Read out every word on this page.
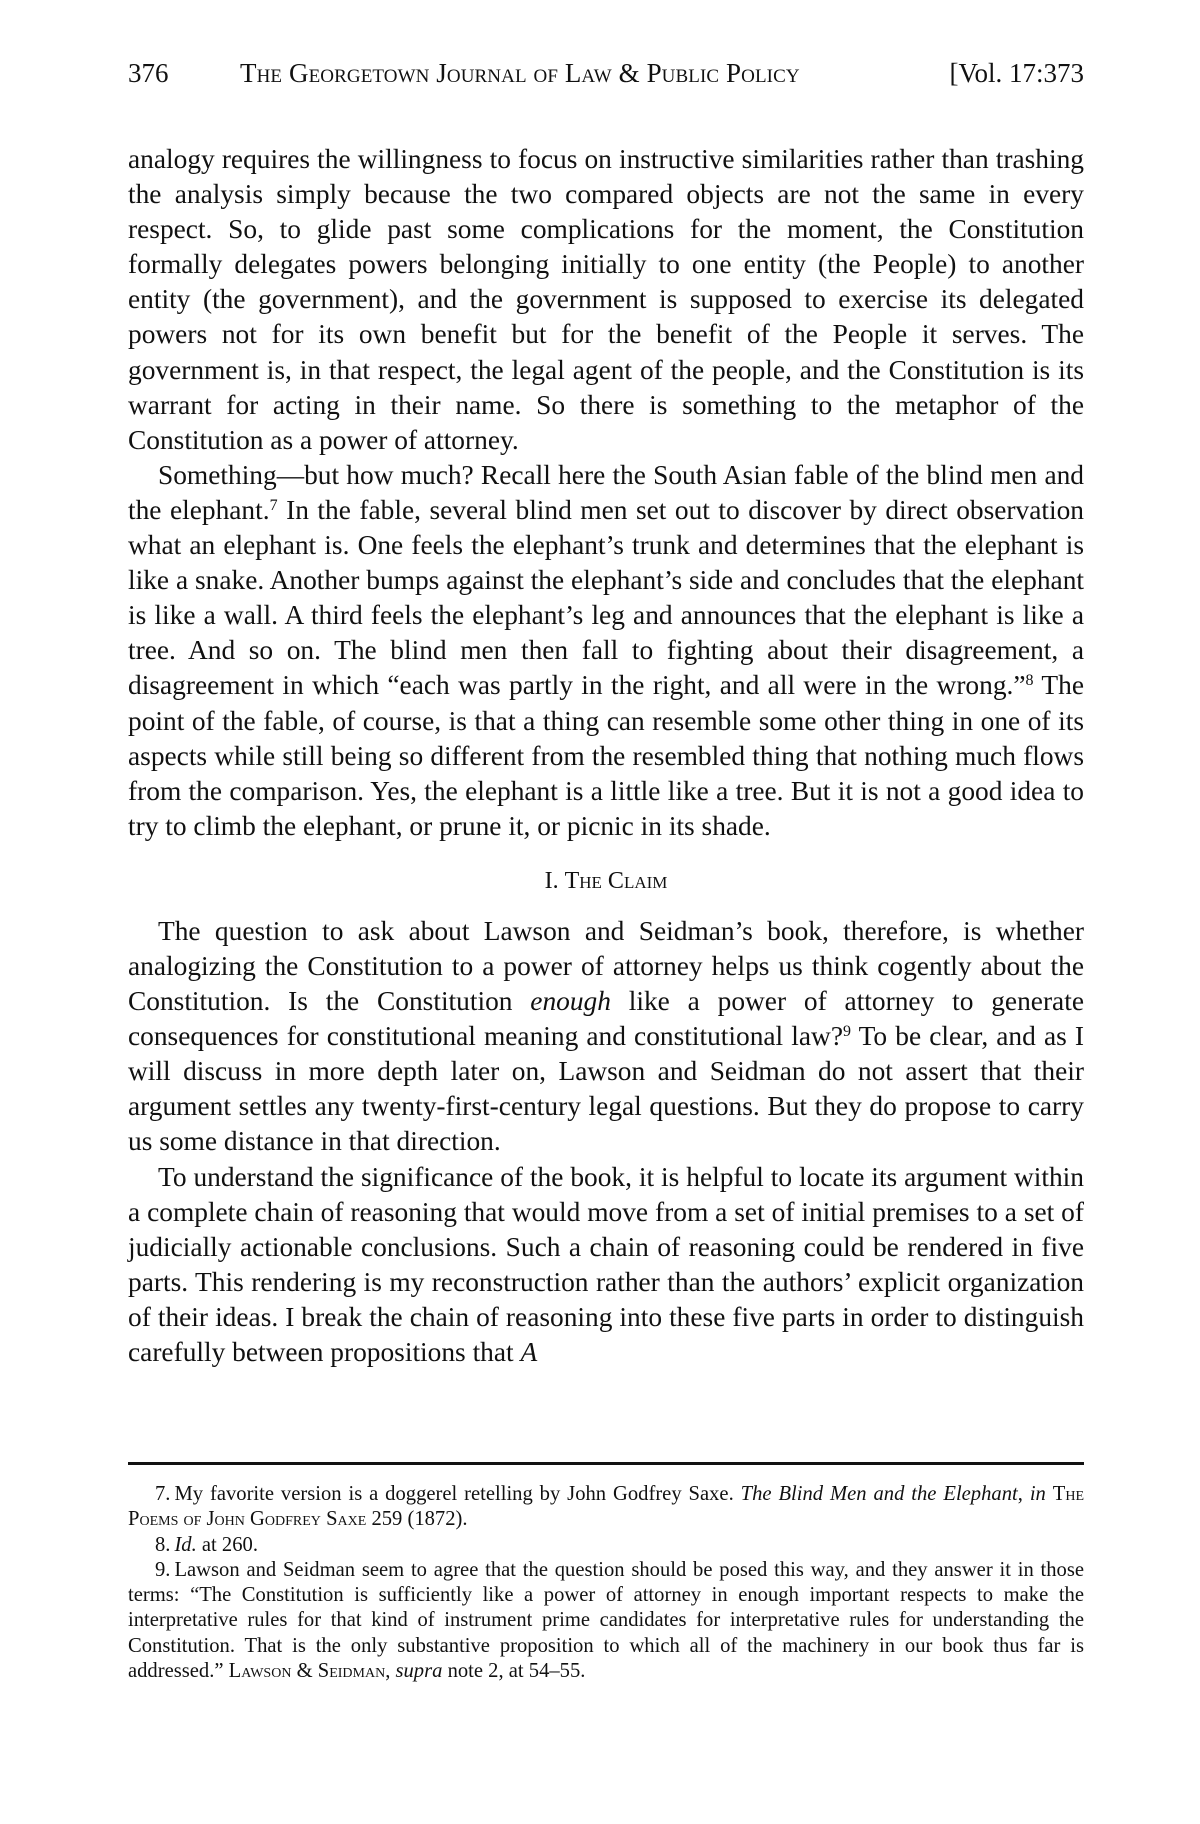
376	The Georgetown Journal of Law & Public Policy	[Vol. 17:373

analogy requires the willingness to focus on instructive similarities rather than trashing the analysis simply because the two compared objects are not the same in every respect. So, to glide past some complications for the moment, the Constitution formally delegates powers belonging initially to one entity (the People) to another entity (the government), and the government is supposed to exercise its delegated powers not for its own benefit but for the benefit of the People it serves. The government is, in that respect, the legal agent of the people, and the Constitution is its warrant for acting in their name. So there is something to the metaphor of the Constitution as a power of attorney.

Something—but how much? Recall here the South Asian fable of the blind men and the elephant.$^7$ In the fable, several blind men set out to discover by direct observation what an elephant is. One feels the elephant’s trunk and determines that the elephant is like a snake. Another bumps against the elephant’s side and concludes that the elephant is like a wall. A third feels the elephant’s leg and announces that the elephant is like a tree. And so on. The blind men then fall to fighting about their disagreement, a disagreement in which “each was partly in the right, and all were in the wrong.”$^8$ The point of the fable, of course, is that a thing can resemble some other thing in one of its aspects while still being so different from the resembled thing that nothing much flows from the comparison. Yes, the elephant is a little like a tree. But it is not a good idea to try to climb the elephant, or prune it, or picnic in its shade.

I. The Claim

The question to ask about Lawson and Seidman’s book, therefore, is whether analogizing the Constitution to a power of attorney helps us think cogently about the Constitution. Is the Constitution enough like a power of attorney to generate consequences for constitutional meaning and constitutional law?$^9$ To be clear, and as I will discuss in more depth later on, Lawson and Seidman do not assert that their argument settles any twenty-first-century legal questions. But they do propose to carry us some distance in that direction.

To understand the significance of the book, it is helpful to locate its argument within a complete chain of reasoning that would move from a set of initial premises to a set of judicially actionable conclusions. Such a chain of reasoning could be rendered in five parts. This rendering is my reconstruction rather than the authors’ explicit organization of their ideas. I break the chain of reasoning into these five parts in order to distinguish carefully between propositions that A

7. My favorite version is a doggerel retelling by John Godfrey Saxe. The Blind Men and the Elephant, in The Poems of John Godfrey Saxe 259 (1872).

8. Id. at 260.

9. Lawson and Seidman seem to agree that the question should be posed this way, and they answer it in those terms: “The Constitution is sufficiently like a power of attorney in enough important respects to make the interpretative rules for that kind of instrument prime candidates for interpretative rules for understanding the Constitution. That is the only substantive proposition to which all of the machinery in our book thus far is addressed.” Lawson & Seidman, supra note 2, at 54–55.
